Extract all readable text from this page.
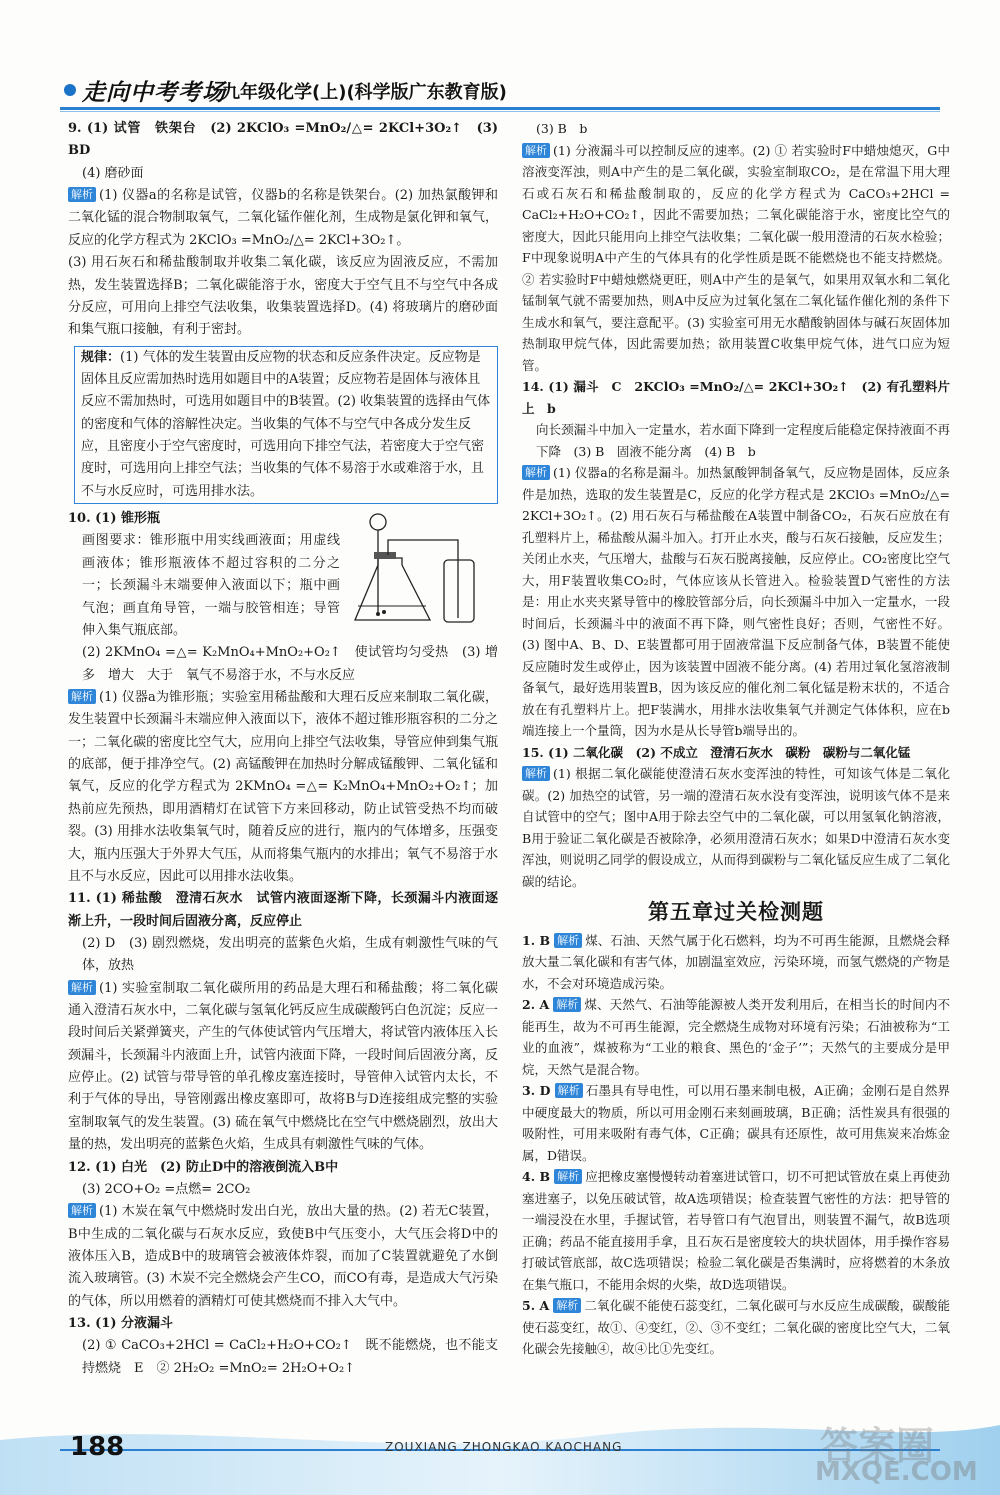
走向中考考场
九年级化学(上)(科学版广东教育版)

9. (1) 试管　铁架台　(2) 2KClO₃ =MnO₂/△= 2KCl+3O₂↑　(3) BD

(4) 磨砂面

解析 (1) 仪器a的名称是试管，仪器b的名称是铁架台。(2) 加热氯酸钾和二氧化锰的混合物制取氧气，二氧化锰作催化剂，生成物是氯化钾和氧气，反应的化学方程式为 2KClO₃ =MnO₂/△= 2KCl+3O₂↑。

(3) 用石灰石和稀盐酸制取并收集二氧化碳，该反应为固液反应，不需加热，发生装置选择B；二氧化碳能溶于水，密度大于空气且不与空气中各成分反应，可用向上排空气法收集，收集装置选择D。(4) 将玻璃片的磨砂面和集气瓶口接触，有利于密封。

规律：(1) 气体的发生装置由反应物的状态和反应条件决定。反应物是固体且反应需加热时选用如题目中的A装置；反应物若是固体与液体且反应不需加热时，可选用如题目中的B装置。(2) 收集装置的选择由气体的密度和气体的溶解性决定。当收集的气体不与空气中各成分发生反应，且密度小于空气密度时，可选用向下排空气法，若密度大于空气密度时，可选用向上排空气法；当收集的气体不易溶于水或难溶于水，且不与水反应时，可选用排水法。

10. (1) 锥形瓶

画图要求：锥形瓶中用实线画液面；用虚线画液体；锥形瓶液体不超过容积的二分之一；长颈漏斗末端要伸入液面以下；瓶中画气泡；画直角导管，一端与胶管相连；导管伸入集气瓶底部。

(2) 2KMnO₄ =△= K₂MnO₄+MnO₂+O₂↑　使试管均匀受热　(3) 增多　增大　大于　氧气不易溶于水，不与水反应

解析 (1) 仪器a为锥形瓶；实验室用稀盐酸和大理石反应来制取二氧化碳，发生装置中长颈漏斗末端应伸入液面以下，液体不超过锥形瓶容积的二分之一；二氧化碳的密度比空气大，应用向上排空气法收集，导管应伸到集气瓶的底部，便于排净空气。(2) 高锰酸钾在加热时分解成锰酸钾、二氧化锰和氧气，反应的化学方程式为 2KMnO₄ =△= K₂MnO₄+MnO₂+O₂↑；加热前应先预热，即用酒精灯在试管下方来回移动，防止试管受热不均而破裂。(3) 用排水法收集氧气时，随着反应的进行，瓶内的气体增多，压强变大，瓶内压强大于外界大气压，从而将集气瓶内的水排出；氧气不易溶于水且不与水反应，因此可以用排水法收集。

11. (1) 稀盐酸　澄清石灰水　试管内液面逐渐下降，长颈漏斗内液面逐渐上升，一段时间后固液分离，反应停止

(2) D　(3) 剧烈燃烧，发出明亮的蓝紫色火焰，生成有刺激性气味的气体，放热

解析 (1) 实验室制取二氧化碳所用的药品是大理石和稀盐酸；将二氧化碳通入澄清石灰水中，二氧化碳与氢氧化钙反应生成碳酸钙白色沉淀；反应一段时间后关紧弹簧夹，产生的气体使试管内气压增大，将试管内液体压入长颈漏斗，长颈漏斗内液面上升，试管内液面下降，一段时间后固液分离，反应停止。(2) 试管与带导管的单孔橡皮塞连接时，导管伸入试管内太长，不利于气体的导出，导管刚露出橡皮塞即可，故将B与D连接组成完整的实验室制取氧气的发生装置。(3) 硫在氧气中燃烧比在空气中燃烧剧烈，放出大量的热，发出明亮的蓝紫色火焰，生成具有刺激性气味的气体。

12. (1) 白光　(2) 防止D中的溶液倒流入B中

(3) 2CO+O₂ =点燃= 2CO₂

解析 (1) 木炭在氧气中燃烧时发出白光，放出大量的热。(2) 若无C装置，B中生成的二氧化碳与石灰水反应，致使B中气压变小，大气压会将D中的液体压入B，造成B中的玻璃管会被液体炸裂，而加了C装置就避免了水倒流入玻璃管。(3) 木炭不完全燃烧会产生CO，而CO有毒，是造成大气污染的气体，所以用燃着的酒精灯可使其燃烧而不排入大气中。

13. (1) 分液漏斗

(2) ① CaCO₃+2HCl = CaCl₂+H₂O+CO₂↑　既不能燃烧，也不能支持燃烧　E　② 2H₂O₂ =MnO₂= 2H₂O+O₂↑

(3) B　b

解析 (1) 分液漏斗可以控制反应的速率。(2) ① 若实验时F中蜡烛熄灭，G中溶液变浑浊，则A中产生的是二氧化碳，实验室制取CO₂，是在常温下用大理石或石灰石和稀盐酸制取的，反应的化学方程式为 CaCO₃+2HCl = CaCl₂+H₂O+CO₂↑，因此不需要加热；二氧化碳能溶于水，密度比空气的密度大，因此只能用向上排空气法收集；二氧化碳一般用澄清的石灰水检验；F中现象说明A中产生的气体具有的化学性质是既不能燃烧也不能支持燃烧。② 若实验时F中蜡烛燃烧更旺，则A中产生的是氧气，如果用双氧水和二氧化锰制氧气就不需要加热，则A中反应为过氧化氢在二氧化锰作催化剂的条件下生成水和氧气，要注意配平。(3) 实验室可用无水醋酸钠固体与碱石灰固体加热制取甲烷气体，因此需要加热；欲用装置C收集甲烷气体，进气口应为短管。

14. (1) 漏斗　C　2KClO₃ =MnO₂/△= 2KCl+3O₂↑　(2) 有孔塑料片上　b

向长颈漏斗中加入一定量水，若水面下降到一定程度后能稳定保持液面不再下降　(3) B　固液不能分离　(4) B　b

解析 (1) 仪器a的名称是漏斗。加热氯酸钾制备氧气，反应物是固体，反应条件是加热，选取的发生装置是C，反应的化学方程式是 2KClO₃ =MnO₂/△= 2KCl+3O₂↑。(2) 用石灰石与稀盐酸在A装置中制备CO₂，石灰石应放在有孔塑料片上，稀盐酸从漏斗加入。打开止水夹，酸与石灰石接触，反应发生；关闭止水夹，气压增大，盐酸与石灰石脱离接触，反应停止。CO₂密度比空气大，用F装置收集CO₂时，气体应该从长管进入。检验装置D气密性的方法是：用止水夹夹紧导管中的橡胶管部分后，向长颈漏斗中加入一定量水，一段时间后，长颈漏斗中的液面不再下降，则气密性良好；否则，气密性不好。(3) 图中A、B、D、E装置都可用于固液常温下反应制备气体，B装置不能使反应随时发生或停止，因为该装置中固液不能分离。(4) 若用过氧化氢溶液制备氧气，最好选用装置B，因为该反应的催化剂二氧化锰是粉末状的，不适合放在有孔塑料片上。把F装满水，用排水法收集氧气并测定气体体积，应在b端连接上一个量筒，因为水是从长导管b端导出的。

15. (1) 二氧化碳　(2) 不成立　澄清石灰水　碳粉　碳粉与二氧化锰

解析 (1) 根据二氧化碳能使澄清石灰水变浑浊的特性，可知该气体是二氧化碳。(2) 加热空的试管，另一端的澄清石灰水没有变浑浊，说明该气体不是来自试管中的空气；图中A用于除去空气中的二氧化碳，可以用氢氧化钠溶液，B用于验证二氧化碳是否被除净，必须用澄清石灰水；如果D中澄清石灰水变浑浊，则说明乙同学的假设成立，从而得到碳粉与二氧化锰反应生成了二氧化碳的结论。

第五章过关检测题

1. B 解析 煤、石油、天然气属于化石燃料，均为不可再生能源，且燃烧会释放大量二氧化碳和有害气体，加剧温室效应，污染环境，而氢气燃烧的产物是水，不会对环境造成污染。

2. A 解析 煤、天然气、石油等能源被人类开发利用后，在相当长的时间内不能再生，故为不可再生能源，完全燃烧生成物对环境有污染；石油被称为“工业的血液”，煤被称为“工业的粮食、黑色的‘金子’”；天然气的主要成分是甲烷，天然气是混合物。

3. D 解析 石墨具有导电性，可以用石墨来制电极，A正确；金刚石是自然界中硬度最大的物质，所以可用金刚石来刻画玻璃，B正确；活性炭具有很强的吸附性，可用来吸附有毒气体，C正确；碳具有还原性，故可用焦炭来冶炼金属，D错误。

4. B 解析 应把橡皮塞慢慢转动着塞进试管口，切不可把试管放在桌上再使劲塞进塞子，以免压破试管，故A选项错误；检查装置气密性的方法：把导管的一端浸没在水里，手握试管，若导管口有气泡冒出，则装置不漏气，故B选项正确；药品不能直接用手拿，且石灰石是密度较大的块状固体，用手操作容易打破试管底部，故C选项错误；检验二氧化碳是否集满时，应将燃着的木条放在集气瓶口，不能用余烬的火柴，故D选项错误。

5. A 解析 二氧化碳不能使石蕊变红，二氧化碳可与水反应生成碳酸，碳酸能使石蕊变红，故①、④变红，②、③不变红；二氧化碳的密度比空气大，二氧化碳会先接触④，故④比①先变红。

188	ZOUXIANG ZHONGKAO KAOCHANG	答案圈
MXQE.COM
